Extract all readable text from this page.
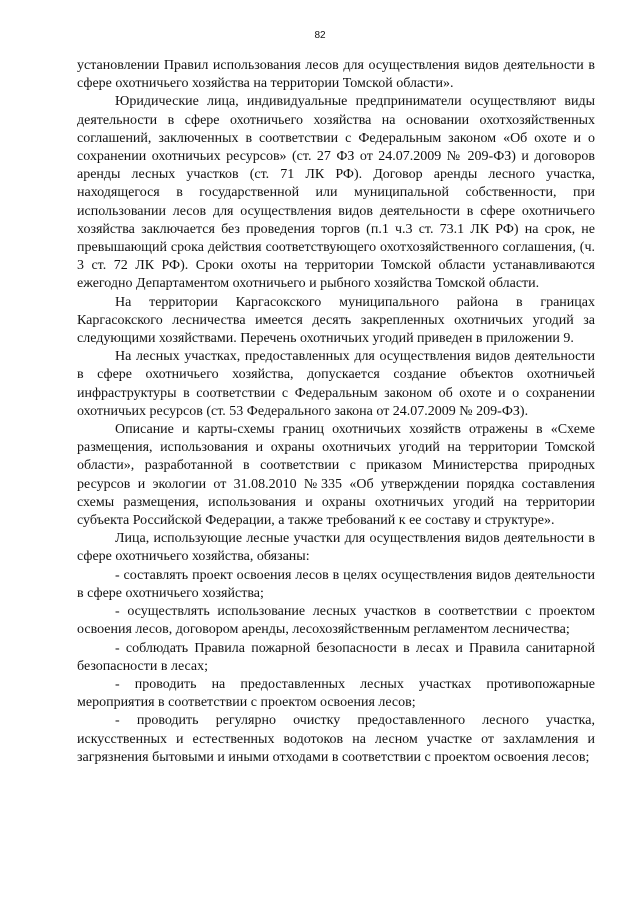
82

установлении Правил использования лесов для осуществления видов деятельности в сфере охотничьего хозяйства на территории Томской области».

Юридические лица, индивидуальные предприниматели осуществляют виды деятельности в сфере охотничьего хозяйства на основании охотхозяйственных соглашений, заключенных в соответствии с Федеральным законом «Об охоте и о сохранении охотничьих ресурсов» (ст. 27 ФЗ от 24.07.2009 № 209-ФЗ) и договоров аренды лесных участков (ст. 71 ЛК РФ). Договор аренды лесного участка, находящегося в государственной или муниципальной собственности, при использовании лесов для осуществления видов деятельности в сфере охотничьего хозяйства заключается без проведения торгов (п.1 ч.3 ст. 73.1 ЛК РФ) на срок, не превышающий срока действия соответствующего охотхозяйственного соглашения, (ч. 3 ст. 72 ЛК РФ). Сроки охоты на территории Томской области устанавливаются ежегодно Департаментом охотничьего и рыбного хозяйства Томской области.

На территории Каргасокского муниципального района в границах Каргасокского лесничества имеется десять закрепленных охотничьих угодий за следующими хозяйствами. Перечень охотничьих угодий приведен в приложении 9.

На лесных участках, предоставленных для осуществления видов деятельности в сфере охотничьего хозяйства, допускается создание объектов охотничьей инфраструктуры в соответствии с Федеральным законом об охоте и о сохранении охотничьих ресурсов (ст. 53 Федерального закона от 24.07.2009 № 209-ФЗ).

Описание и карты-схемы границ охотничьих хозяйств отражены в «Схеме размещения, использования и охраны охотничьих угодий на территории Томской области», разработанной в соответствии с приказом Министерства природных ресурсов и экологии от 31.08.2010 №335 «Об утверждении порядка составления схемы размещения, использования и охраны охотничьих угодий на территории субъекта Российской Федерации, а также требований к ее составу и структуре».

Лица, использующие лесные участки для осуществления видов деятельности в сфере охотничьего хозяйства, обязаны:

- составлять проект освоения лесов в целях осуществления видов деятельности в сфере охотничьего хозяйства;

- осуществлять использование лесных участков в соответствии с проектом освоения лесов, договором аренды, лесохозяйственным регламентом лесничества;

- соблюдать Правила пожарной безопасности в лесах и Правила санитарной безопасности в лесах;

- проводить на предоставленных лесных участках противопожарные мероприятия в соответствии с проектом освоения лесов;

- проводить регулярно очистку предоставленного лесного участка, искусственных и естественных водотоков на лесном участке от захламления и загрязнения бытовыми и иными отходами в соответствии с проектом освоения лесов;
